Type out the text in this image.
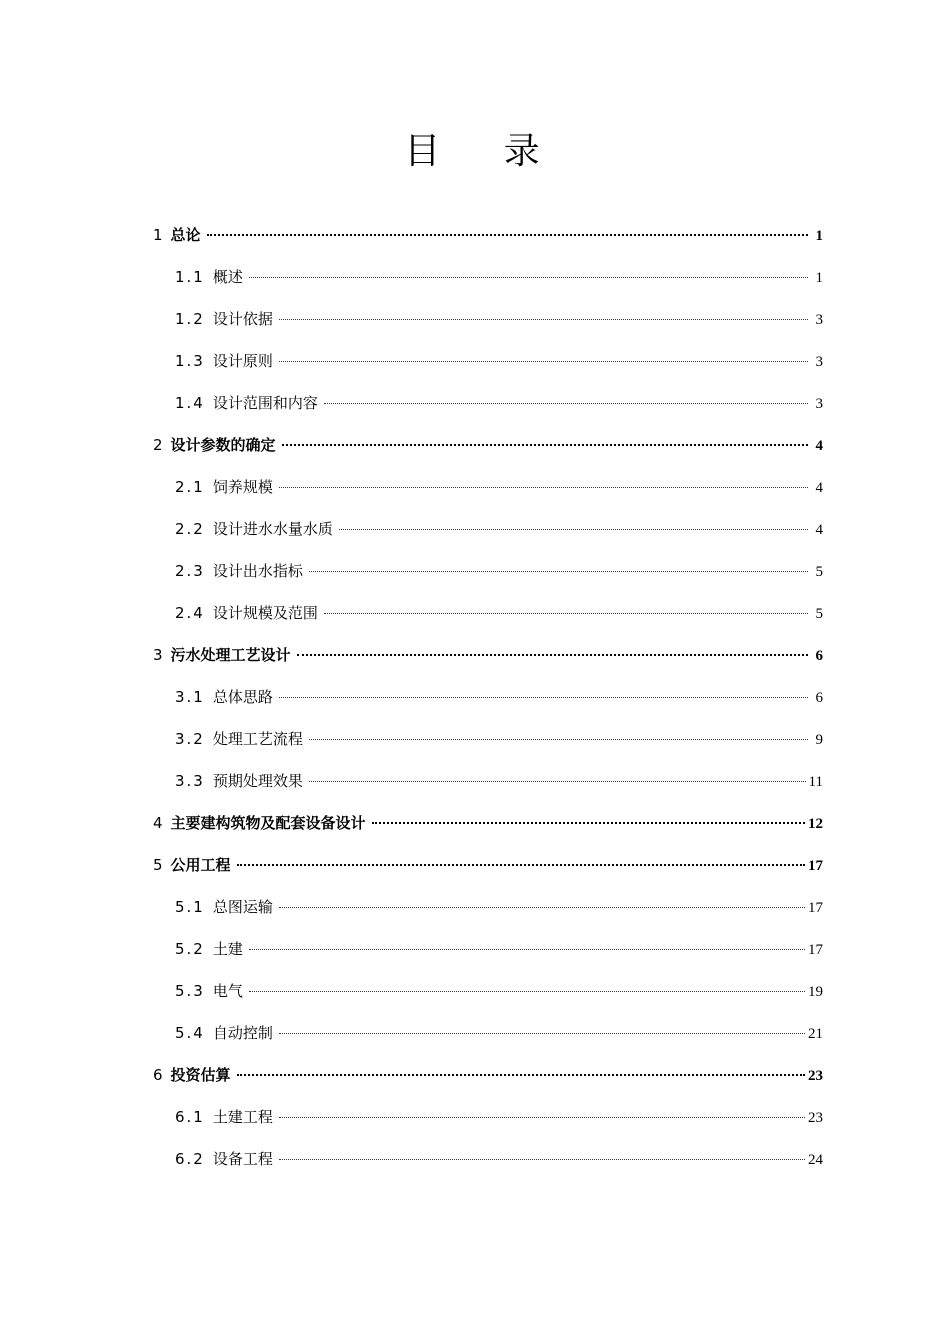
目 录
1 总论	1
1.1 概述	1
1.2 设计依据	3
1.3 设计原则	3
1.4 设计范围和内容	3
2 设计参数的确定	4
2.1 饲养规模	4
2.2 设计进水水量水质	4
2.3 设计出水指标	5
2.4 设计规模及范围	5
3 污水处理工艺设计	6
3.1 总体思路	6
3.2 处理工艺流程	9
3.3 预期处理效果	11
4 主要建构筑物及配套设备设计	12
5 公用工程	17
5.1 总图运输	17
5.2 土建	17
5.3 电气	19
5.4 自动控制	21
6 投资估算	23
6.1 土建工程	23
6.2 设备工程	24
